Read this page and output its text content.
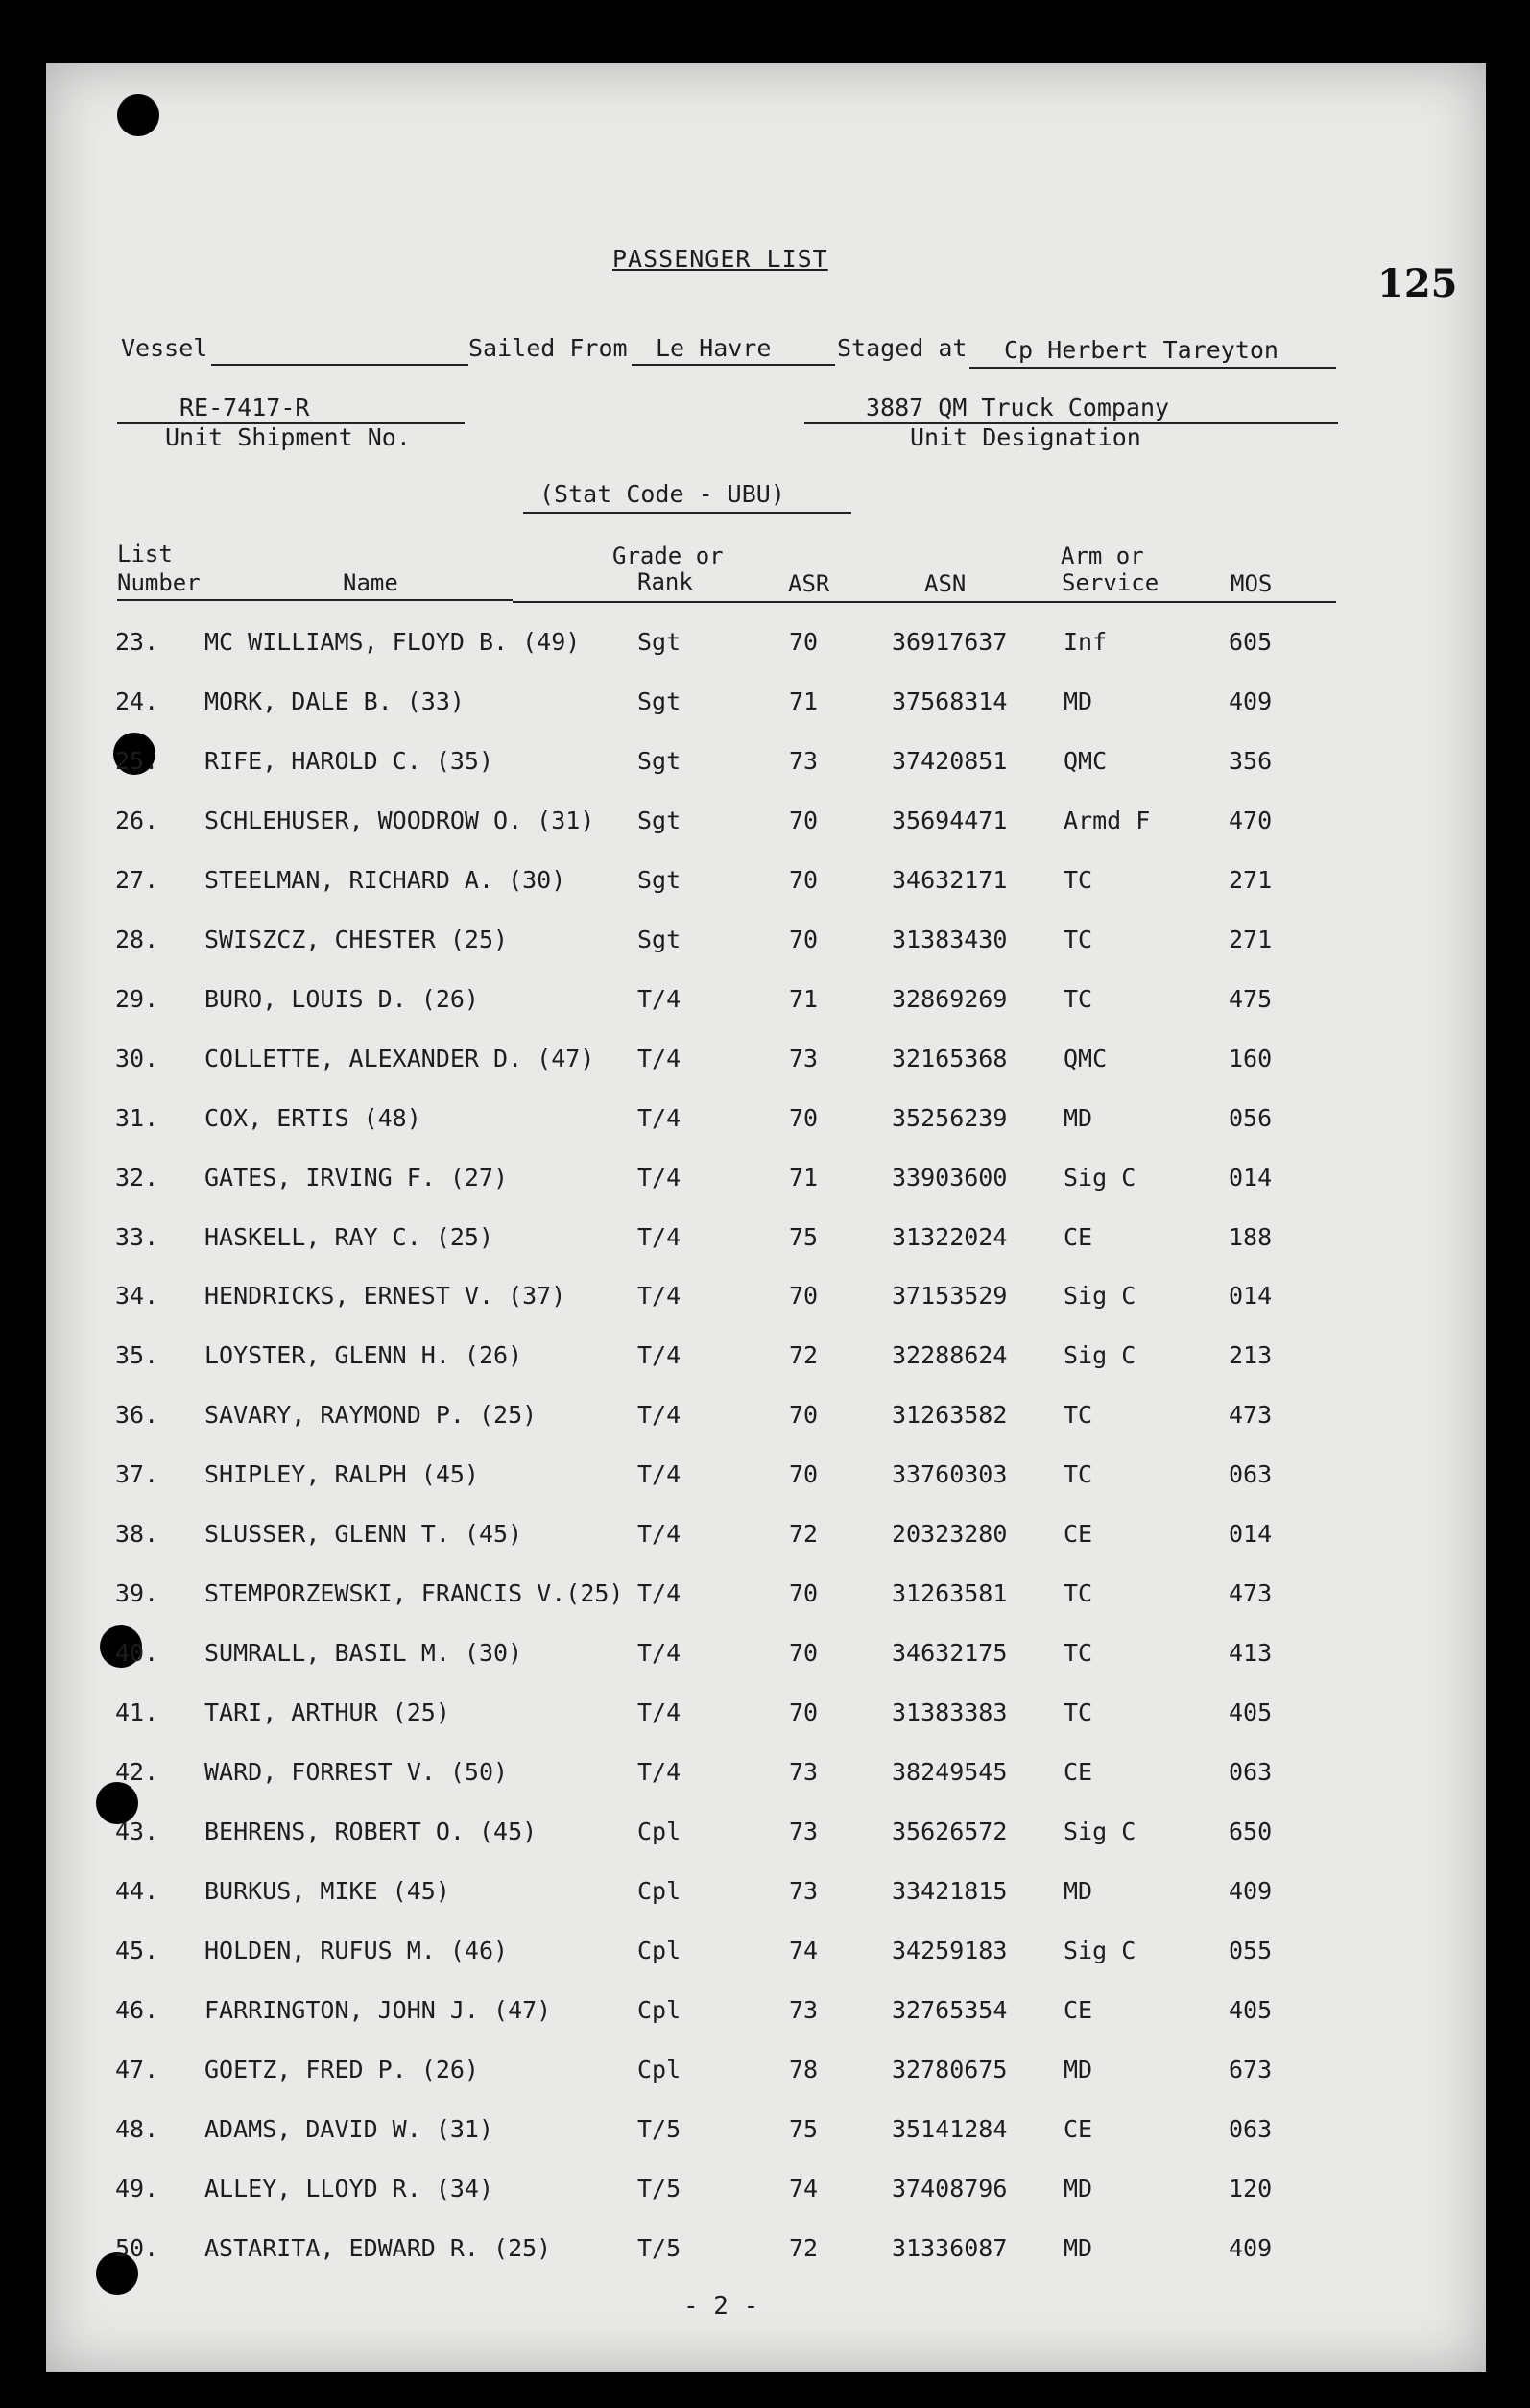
125
PASSENGER LIST
Vessel	Sailed From Le Havre	Staged at Cp Herbert Tareyton
RE-7417-R
Unit Shipment No.
3887 QM Truck Company
Unit Designation
(Stat Code - UBU)
List
Number	Name
Grade or
Rank	ASR	ASN
Arm or
Service	MOS
23. MC WILLIAMS, FLOYD B. (49) Sgt	70	36917637 Inf	605
24. MORK, DALE B. (33)	Sgt	71	37568314 MD	409
25. RIFE, HAROLD C. (35)	Sgt	73	37420851 QMC	356
26. SCHLEHUSER, WOODROW O. (31) Sgt	70	35694471 Armd F	470
27. STEELMAN, RICHARD A. (30)	Sgt	70	34632171 TC	271
28. SWISZCZ, CHESTER (25)	Sgt	70	31383430 TC	271
29. BURO, LOUIS D. (26)	T/4	71	32869269 TC	475
30. COLLETTE, ALEXANDER D. (47) T/4	73	32165368 QMC	160
31. COX, ERTIS (48)	T/4	70	35256239 MD	056
32. GATES, IRVING F. (27)	T/4	71	33903600 Sig C	014
33. HASKELL, RAY C. (25)	T/4	75	31322024 CE	188
34. HENDRICKS, ERNEST V. (37)	T/4	70	37153529 Sig C	014
35. LOYSTER, GLENN H. (26)	T/4	72	32288624 Sig C	213
36. SAVARY, RAYMOND P. (25)	T/4	70	31263582 TC	473
37. SHIPLEY, RALPH (45)	T/4	70	33760303 TC	063
38. SLUSSER, GLENN T. (45)	T/4	72	20323280 CE	014
39. STEMPORZEWSKI, FRANCIS V.(25) T/4	70	31263581 TC	473
40. SUMRALL, BASIL M. (30)	T/4	70	34632175 TC	413
41. TARI, ARTHUR (25)	T/4	70	31383383 TC	405
42. WARD, FORREST V. (50)	T/4	73	38249545 CE	063
43. BEHRENS, ROBERT O. (45)	Cpl	73	35626572 Sig C	650
44. BURKUS, MIKE (45)	Cpl	73	33421815 MD	409
45. HOLDEN, RUFUS M. (46)	Cpl	74	34259183 Sig C	055
46. FARRINGTON, JOHN J. (47)	Cpl	73	32765354 CE	405
47. GOETZ, FRED P. (26)	Cpl	78	32780675 MD	673
48. ADAMS, DAVID W. (31)	T/5	75	35141284 CE	063
49. ALLEY, LLOYD R. (34)	T/5	74	37408796 MD	120
50. ASTARITA, EDWARD R. (25)	T/5	72	31336087 MD	409
- 2 -
